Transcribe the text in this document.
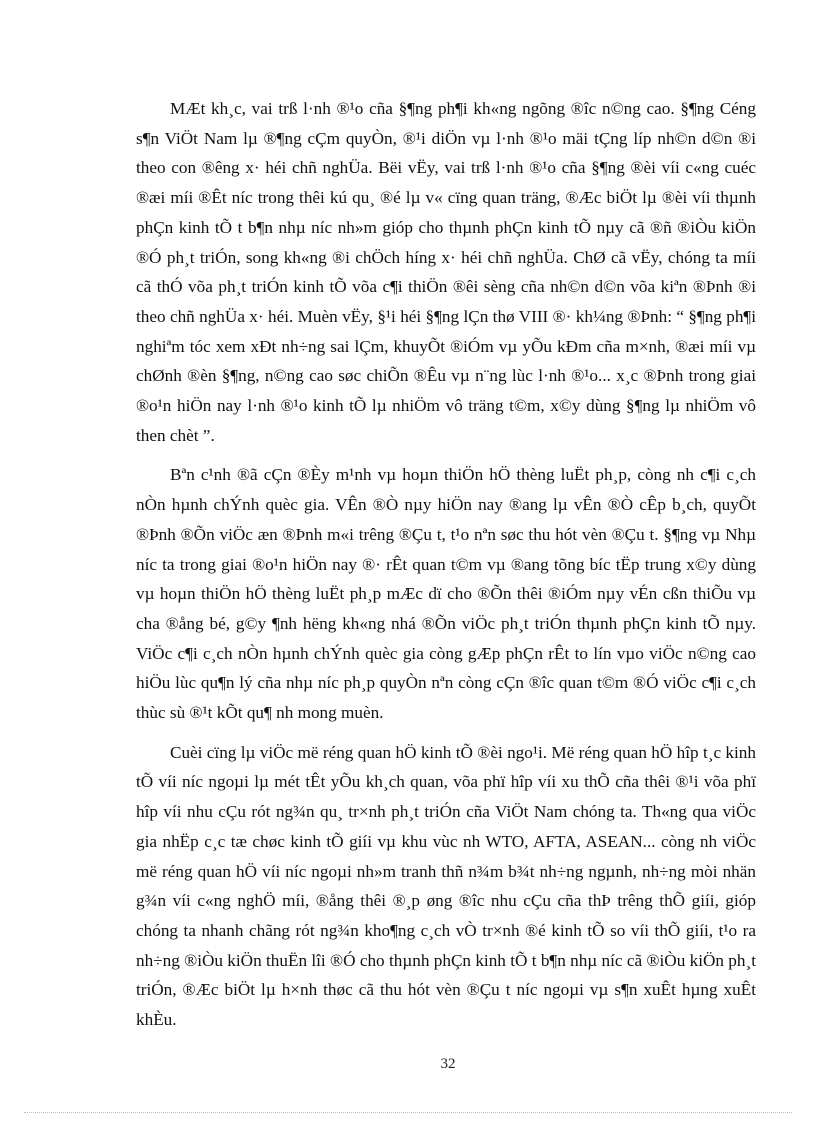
MÆt kh¸c, vai trß l·nh ®¹o cña §¶ng ph¶i kh«ng ngõng ®îc n©ng cao. §¶ng Céng s¶n ViÖt Nam lµ ®¶ng cÇm quyÒn, ®¹i diÖn vµ l·nh ®¹o mäi tÇng líp nh©n d©n ®i theo con ®êng x· héi chñ nghÜa. Bëi vËy, vai trß l·nh ®¹o cña §¶ng ®èi víi c«ng cuéc ®æi míi ®Êt níc trong thêi kú qu¸ ®é lµ v« cïng quan träng, ®Æc biÖt lµ ®èi víi thµnh phÇn kinh tÕ t b¶n nhµ níc nh»m gióp cho thµnh phÇn kinh tÕ nµy cã ®ñ ®iÒu kiÖn ®Ó ph¸t triÓn, song kh«ng ®i chÖch híng x· héi chñ nghÜa. ChØ cã vËy, chóng ta míi cã thÓ võa ph¸t triÓn kinh tÕ võa c¶i thiÖn ®êi sèng cña nh©n d©n võa kiªn ®Þnh ®i theo chñ nghÜa x· héi. Muèn vËy, §¹i héi §¶ng lÇn thø VIII ®· kh¼ng ®Þnh: “ §¶ng ph¶i nghiªm tóc xem xÐt nh÷ng sai lÇm, khuyÕt ®iÓm vµ yÕu kÐm cña m×nh, ®æi míi vµ chØnh ®èn §¶ng, n©ng cao søc chiÕn ®Êu vµ n¨ng lùc l·nh ®¹o... x¸c ®Þnh trong giai ®o¹n hiÖn nay l·nh ®¹o kinh tÕ lµ nhiÖm vô träng t©m, x©y dùng §¶ng lµ nhiÖm vô then chèt ”.

Bªn c¹nh ®ã cÇn ®Èy m¹nh vµ hoµn thiÖn hÖ thèng luËt ph¸p, còng nh c¶i c¸ch nÒn hµnh chÝnh quèc gia. VÊn ®Ò nµy hiÖn nay ®ang lµ vÊn ®Ò cÊp b¸ch, quyÕt ®Þnh ®Õn viÖc æn ®Þnh m«i trêng ®Çu t, t¹o nªn søc thu hót vèn ®Çu t. §¶ng vµ Nhµ níc ta trong giai ®o¹n hiÖn nay ®· rÊt quan t©m vµ ®ang tõng bíc tËp trung x©y dùng vµ hoµn thiÖn hÖ thèng luËt ph¸p mÆc dï cho ®Õn thêi ®iÓm nµy vÉn cßn thiÕu vµ cha ®ång bé, g©y ¶nh hëng kh«ng nhá ®Õn viÖc ph¸t triÓn thµnh phÇn kinh tÕ nµy. ViÖc c¶i c¸ch nÒn hµnh chÝnh quèc gia còng gÆp phÇn rÊt to lín vµo viÖc n©ng cao hiÖu lùc qu¶n lý cña nhµ níc ph¸p quyÒn nªn còng cÇn ®îc quan t©m ®Ó viÖc c¶i c¸ch thùc sù ®¹t kÕt qu¶ nh mong muèn.

Cuèi cïng lµ viÖc më réng quan hÖ kinh tÕ ®èi ngo¹i. Më réng quan hÖ hîp t¸c kinh tÕ víi níc ngoµi lµ mét tÊt yÕu kh¸ch quan, võa phï hîp víi xu thÕ cña thêi ®¹i võa phï hîp víi nhu cÇu rót ng¾n qu¸ tr×nh ph¸t triÓn cña ViÖt Nam chóng ta. Th«ng qua viÖc gia nhËp c¸c tæ chøc kinh tÕ giíi vµ khu vùc nh WTO, AFTA, ASEAN... còng nh viÖc më réng quan hÖ víi níc ngoµi nh»m tranh thñ n¾m b¾t nh÷ng ngµnh, nh÷ng mòi nhän g¾n víi c«ng nghÖ míi, ®ång thêi ®¸p øng ®îc nhu cÇu cña thÞ trêng thÕ giíi, gióp chóng ta nhanh chãng rót ng¾n kho¶ng c¸ch vÒ tr×nh ®é kinh tÕ so víi thÕ giíi, t¹o ra nh÷ng ®iÒu kiÖn thuËn lîi ®Ó cho thµnh phÇn kinh tÕ t b¶n nhµ níc cã ®iÒu kiÖn ph¸t triÓn, ®Æc biÖt lµ h×nh thøc cã thu hót vèn ®Çu t níc ngoµi vµ s¶n xuÊt hµng xuÊt khÈu.

32
